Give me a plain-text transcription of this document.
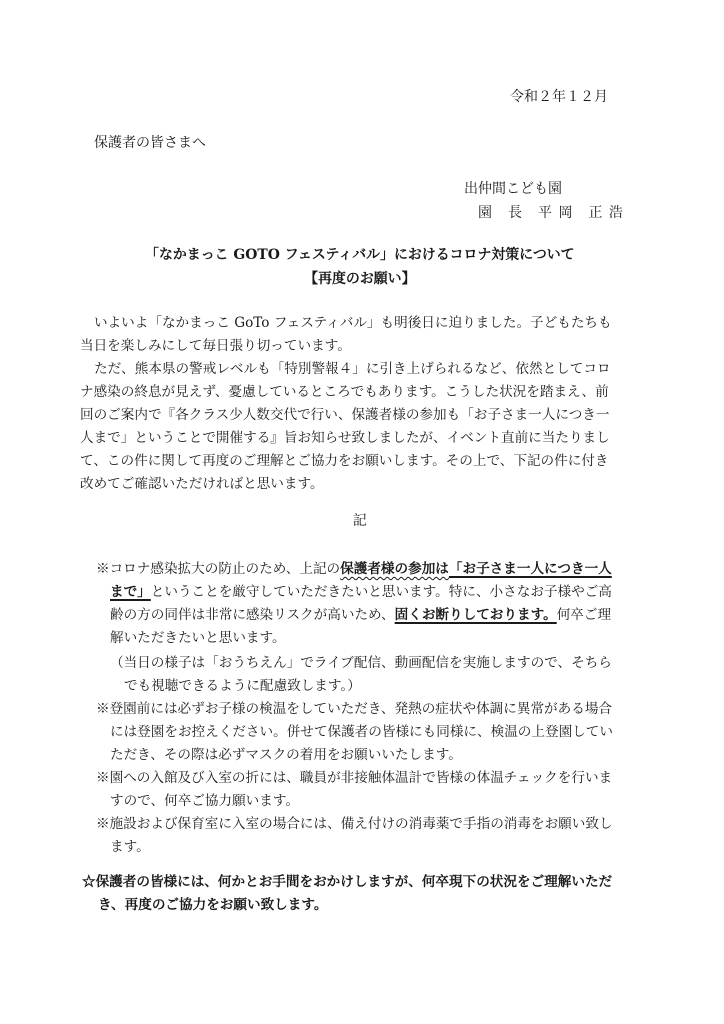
令和２年１２月
保護者の皆さまへ
出仲間こども園
園　長　平 岡　正 浩
「なかまっこ GOTO フェスティバル」におけるコロナ対策について
【再度のお願い】
いよいよ「なかまっこ GoTo フェスティバル」も明後日に迫りました。子どもたちも
当日を楽しみにして毎日張り切っています。
ただ、熊本県の警戒レベルも「特別警報４」に引き上げられるなど、依然としてコロ
ナ感染の終息が見えず、憂慮しているところでもあります。こうした状況を踏まえ、前
回のご案内で『各クラス少人数交代で行い、保護者様の参加も「お子さま一人につき一
人まで」ということで開催する』旨お知らせ致しましたが、イベント直前に当たりまし
て、この件に関して再度のご理解とご協力をお願いします。その上で、下記の件に付き
改めてご確認いただければと思います。
記
※コロナ感染拡大の防止のため、上記の保護者様の参加は「お子さま一人につき一人
まで」ということを厳守していただきたいと思います。特に、小さなお子様やご高
齢の方の同伴は非常に感染リスクが高いため、固くお断りしております。何卒ご理
解いただきたいと思います。
（当日の様子は「おうちえん」でライブ配信、動画配信を実施しますので、そちら
でも視聴できるように配慮致します。）
※登園前には必ずお子様の検温をしていただき、発熱の症状や体調に異常がある場合
には登園をお控えください。併せて保護者の皆様にも同様に、検温の上登園してい
ただき、その際は必ずマスクの着用をお願いいたします。
※園への入館及び入室の折には、職員が非接触体温計で皆様の体温チェックを行いま
すので、何卒ご協力願います。
※施設および保育室に入室の場合には、備え付けの消毒薬で手指の消毒をお願い致し
ます。
☆保護者の皆様には、何かとお手間をおかけしますが、何卒現下の状況をご理解いただ
き、再度のご協力をお願い致します。
